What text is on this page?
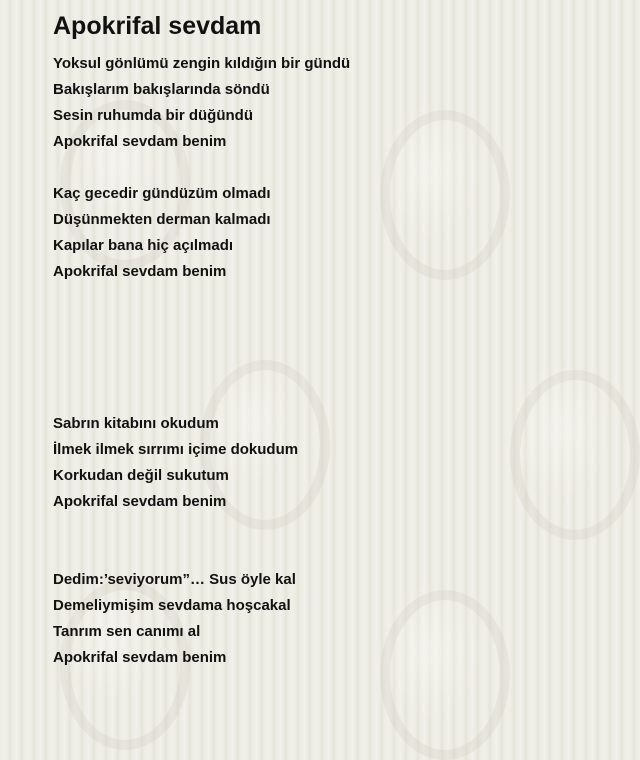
Apokrifal sevdam

Yoksul gönlümü zengin kıldığın bir gündü
Bakışlarım bakışlarında söndü
Sesin ruhumda bir düğündü
Apokrifal sevdam benim

Kaç gecedir gündüzüm olmadı
Düşünmekten derman kalmadı
Kapılar bana hiç açılmadı
Apokrifal sevdam benim

Sabrın kitabını okudum
İlmek ilmek sırrımı içime dokudum
Korkudan değil sukutum
Apokrifal sevdam benim

Dedim:’seviyorum”… Sus öyle kal
Demeliymişim sevdama hoşcakal
Tanrım sen canımı al
Apokrifal sevdam benim
